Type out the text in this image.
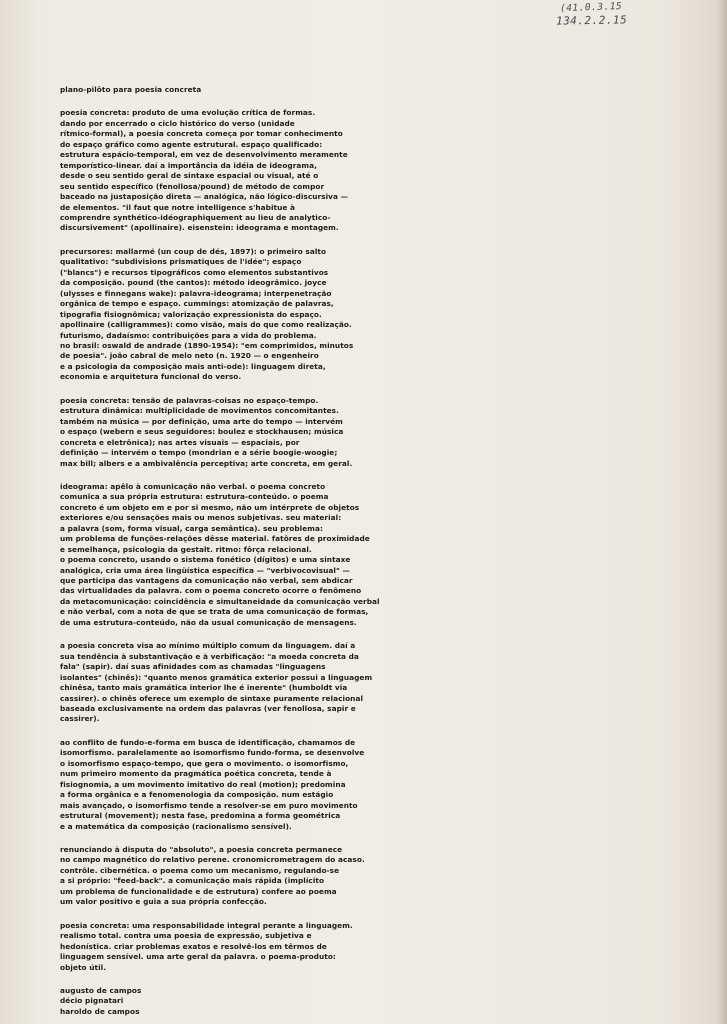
(41.0.3.15
134.2.2.15
plano-pilôto para poesia concreta
poesia concreta: produto de uma evolução crítica de formas.
dando por encerrado o ciclo histórico do verso (unidade
rítmico-formal), a poesia concreta começa por tomar conhecimento
do espaço gráfico como agente estrutural. espaço qualificado:
estrutura espácio-temporal, em vez de desenvolvimento meramente
temporístico-linear. daí a importância da idéia de ideograma,
desde o seu sentido geral de sintaxe espacial ou visual, até o
seu sentido específico (fenollosa/pound) de método de compor
baceado na justaposição direta — analógica, não lógico-discursiva —
de elementos. "il faut que notre intelligence s'habitue à
comprendre synthético-idéographiquement au lieu de analytico-
discursivement" (apollinaire). eisenstein: ideograma e montagem.
precursores: mallarmé (un coup de dés, 1897): o primeiro salto
qualitativo: "subdivisions prismatiques de l'idée"; espaço
("blancs") e recursos tipográficos como elementos substantivos
da composição. pound (the cantos): método ideogrâmico. joyce
(ulysses e finnegans wake): palavra-ideograma; interpenetração
orgânica de tempo e espaço. cummings: atomização de palavras,
tipografia fisiognômica; valorização expressionista do espaço.
apollinaire (calligrammes): como visão, mais do que como realização.
futurismo, dadaísmo: contribuições para a vida do problema.
no brasil: oswald de andrade (1890-1954): "em comprimidos, minutos
de poesia". joão cabral de melo neto (n. 1920 — o engenheiro
e a psicologia da composição mais anti-ode): linguagem direta,
economia e arquitetura funcional do verso.
poesia concreta: tensão de palavras-coisas no espaço-tempo.
estrutura dinâmica: multiplicidade de movimentos concomitantes.
também na música — por definição, uma arte do tempo — intervém
o espaço (webern e seus seguidores: boulez e stockhausen; música
concreta e eletrônica); nas artes visuais — espaciais, por
definição — intervém o tempo (mondrian e a série boogie-woogie;
max bill; albers e a ambivalência perceptiva; arte concreta, em geral.
ideograma: apêlo à comunicação não verbal. o poema concreto
comunica a sua própria estrutura: estrutura-conteúdo. o poema
concreto é um objeto em e por si mesmo, não um intérprete de objetos
exteriores e/ou sensações mais ou menos subjetivas. seu material:
a palavra (som, forma visual, carga semântica). seu problema:
um problema de funções-relações dêsse material. fatôres de proximidade
e semelhança, psicologia da gestalt. ritmo: fôrça relacional.
o poema concreto, usando o sistema fonético (dígitos) e uma sintaxe
analógica, cria uma área lingüística específica — "verbivocovisual" —
que participa das vantagens da comunicação não verbal, sem abdicar
das virtualidades da palavra. com o poema concreto ocorre o fenômeno
da metacomunicação: coincidência e simultaneidade da comunicação verbal
e não verbal, com a nota de que se trata de uma comunicação de formas,
de uma estrutura-conteúdo, não da usual comunicação de mensagens.
a poesia concreta visa ao mínimo múltiplo comum da linguagem. daí a
sua tendência à substantivação e à verbificação: "a moeda concreta da
fala" (sapir). daí suas afinidades com as chamadas "linguagens
isolantes" (chinês): "quanto menos gramática exterior possui a linguagem
chinêsa, tanto mais gramática interior lhe é inerente" (humboldt via
cassirer). o chinês oferece um exemplo de sintaxe puramente relacional
baseada exclusivamente na ordem das palavras (ver fenollosa, sapir e
cassirer).
ao conflito de fundo-e-forma em busca de identificação, chamamos de
isomorfismo. paralelamente ao isomorfismo fundo-forma, se desenvolve
o isomorfismo espaço-tempo, que gera o movimento. o isomorfismo,
num primeiro momento da pragmática poética concreta, tende à
fisiognomia, a um movimento imitativo do real (motion); predomina
a forma orgânica e a fenomenologia da composição. num estágio
mais avançado, o isomorfismo tende a resolver-se em puro movimento
estrutural (movement); nesta fase, predomina a forma geométrica
e a matemática da composição (racionalismo sensível).
renunciando à disputa do "absoluto", a poesia concreta permanece
no campo magnético do relativo perene. cronomicrometragem do acaso.
contrôle. cibernética. o poema como um mecanismo, regulando-se
a si próprio: "feed-back". a comunicação mais rápida (implícito
um problema de funcionalidade e de estrutura) confere ao poema
um valor positivo e guia a sua própria confecção.
poesia concreta: uma responsabilidade integral perante a linguagem.
realismo total. contra uma poesia de expressão, subjetiva e
hedonística. criar problemas exatos e resolvê-los em têrmos de
linguagem sensível. uma arte geral da palavra. o poema-produto:
objeto útil.
augusto de campos
décio pignatari
haroldo de campos
